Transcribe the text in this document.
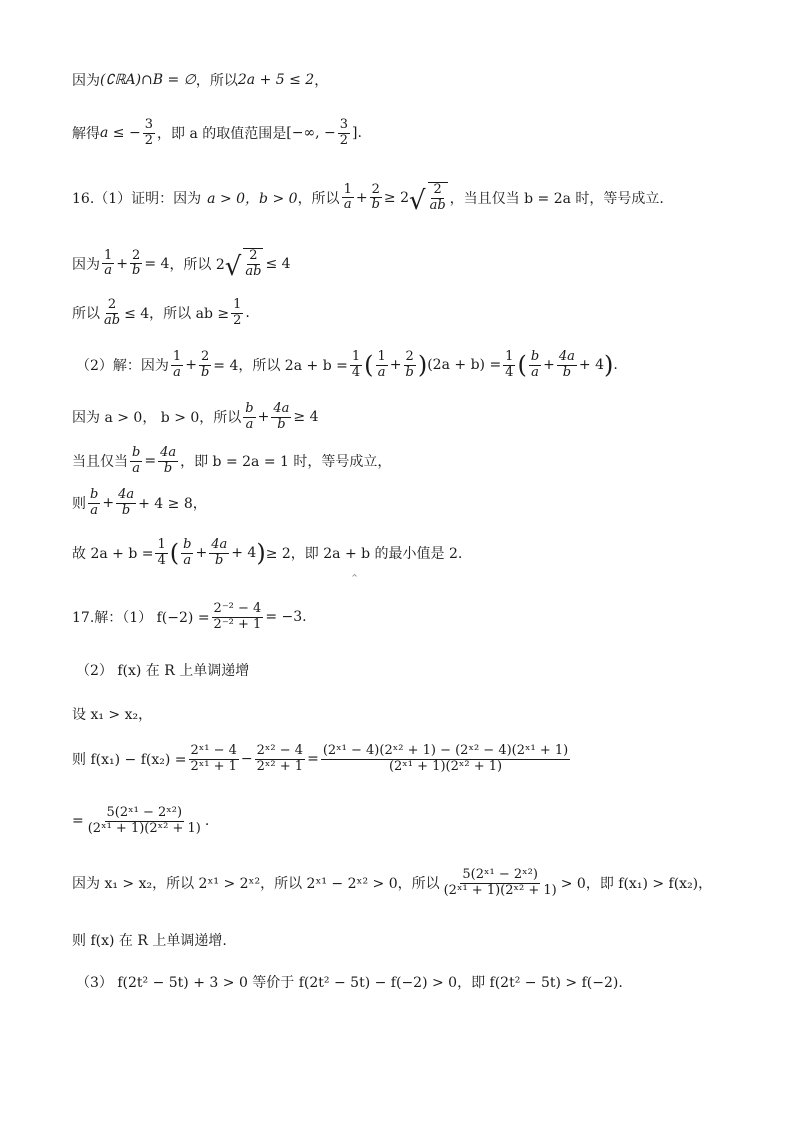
因为 (∁ℝA)∩B = ∅ ，所以 2a + 5 ≤ 2 ，
解得 a ≤ − $\frac{3}{2}$ ，即 a 的取值范围是 [−∞, − $\frac{3}{2}$ ] .
16.（1）证明：因为 a > 0，b > 0 ，所以 $\frac{1}{a} + \frac{2}{b} \ge 2$ √ $\frac{2}{ab}$ ，当且仅当 b = 2a 时，等号成立.
因为 $\frac{1}{a} + \frac{2}{b} = 4$ ，所以 2 √ $\frac{2}{ab} \le 4$
所以 $\frac{2}{ab} \le 4$，所以 ab ≥ $\frac{1}{2}$ .
（2）解：因为 $\frac{1}{a} + \frac{2}{b} = 4$，所以 $2a + b = \frac{1}{4}$ ( $\frac{1}{a} + \frac{2}{b}$ ) $(2a + b) = \frac{1}{4}$ ( $\frac{b}{a} + \frac{4a}{b} + 4$ ) .
因为 a > 0， b > 0，所以 $\frac{b}{a} + \frac{4a}{b} \ge 4$
当且仅当 $\frac{b}{a} = \frac{4a}{b}$ ，即 b = 2a = 1 时，等号成立，
则 $\frac{b}{a} + \frac{4a}{b} + 4 \ge 8$，
故 $2a + b = \frac{1}{4}$ ( $\frac{b}{a} + \frac{4a}{b} + 4$ ) ≥ 2，即 2a + b 的最小值是 2.
⌃
17.解：（1） $f(-2) = \frac{\text{2⁻² − 4}}{\text{2⁻² + 1}} = -3$.
（2） f(x) 在 R 上单调递增
设 x₁ > x₂，
则 $f(x_1) - f(x_2) = \frac{\text{2ˣ¹ − 4}}{\text{2ˣ¹ + 1}} - \frac{\text{2ˣ² − 4}}{\text{2ˣ² + 1}} = \frac{\text{(2ˣ¹ − 4)(2ˣ² + 1) − (2ˣ² − 4)(2ˣ¹ + 1)}}{\text{(2ˣ¹ + 1)(2ˣ² + 1)}}$
= $\frac{\text{5(2ˣ¹ − 2ˣ²)}}{\text{(2ˣ¹ + 1)(2ˣ² + 1)}}$ .
因为 x₁ > x₂，所以 2ˣ¹ > 2ˣ²，所以 2ˣ¹ − 2ˣ² > 0，所以 $\frac{\text{5(2ˣ¹ − 2ˣ²)}}{\text{(2ˣ¹ + 1)(2ˣ² + 1)}} > 0$，即 f(x₁) > f(x₂)，
则 f(x) 在 R 上单调递增.
（3） f(2t² − 5t) + 3 > 0 等价于 f(2t² − 5t) − f(−2) > 0，即 f(2t² − 5t) > f(−2).
